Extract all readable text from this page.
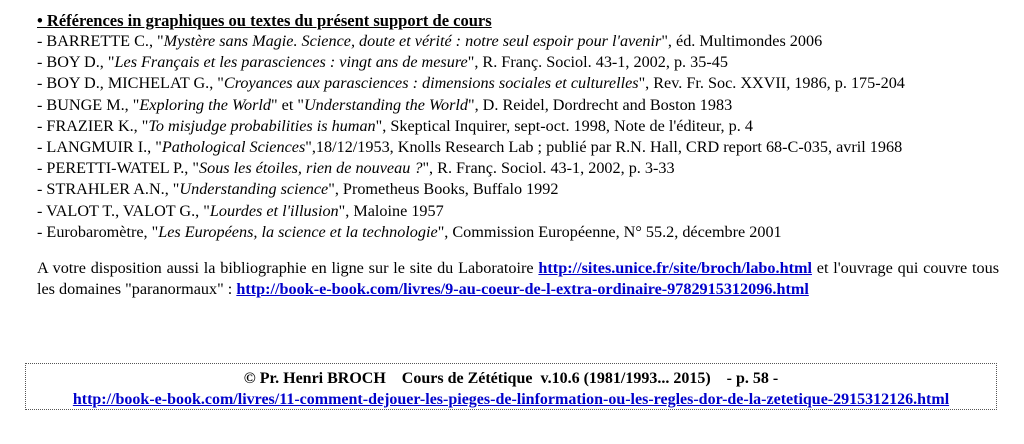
• Références in graphiques ou textes du présent support de cours
- BARRETTE C., "Mystère sans Magie. Science, doute et vérité : notre seul espoir pour l'avenir", éd. Multimondes 2006
- BOY D., "Les Français et les parasciences : vingt ans de mesure", R. Franç. Sociol. 43-1, 2002, p. 35-45
- BOY D., MICHELAT G., "Croyances aux parasciences : dimensions sociales et culturelles", Rev. Fr. Soc. XXVII, 1986, p. 175-204
- BUNGE M., "Exploring the World" et "Understanding the World", D. Reidel, Dordrecht and Boston 1983
- FRAZIER K., "To misjudge probabilities is human", Skeptical Inquirer, sept-oct. 1998, Note de l'éditeur, p. 4
- LANGMUIR I., "Pathological Sciences",18/12/1953, Knolls Research Lab ; publié par R.N. Hall, CRD report 68-C-035, avril 1968
- PERETTI-WATEL P., "Sous les étoiles, rien de nouveau ?", R. Franç. Sociol. 43-1, 2002, p. 3-33
- STRAHLER A.N., "Understanding science", Prometheus Books, Buffalo 1992
- VALOT T., VALOT G., "Lourdes et l'illusion", Maloine 1957
- Eurobaromètre, "Les Européens, la science et la technologie", Commission Européenne, N° 55.2, décembre 2001

A votre disposition aussi la bibliographie en ligne sur le site du Laboratoire http://sites.unice.fr/site/broch/labo.html et l'ouvrage qui couvre tous les domaines "paranormaux" : http://book-e-book.com/livres/9-au-coeur-de-l-extra-ordinaire-9782915312096.html

© Pr. Henri BROCH    Cours de Zététique  v.10.6 (1981/1993... 2015)    - p. 58 -
http://book-e-book.com/livres/11-comment-dejouer-les-pieges-de-linformation-ou-les-regles-dor-de-la-zetetique-2915312126.html
